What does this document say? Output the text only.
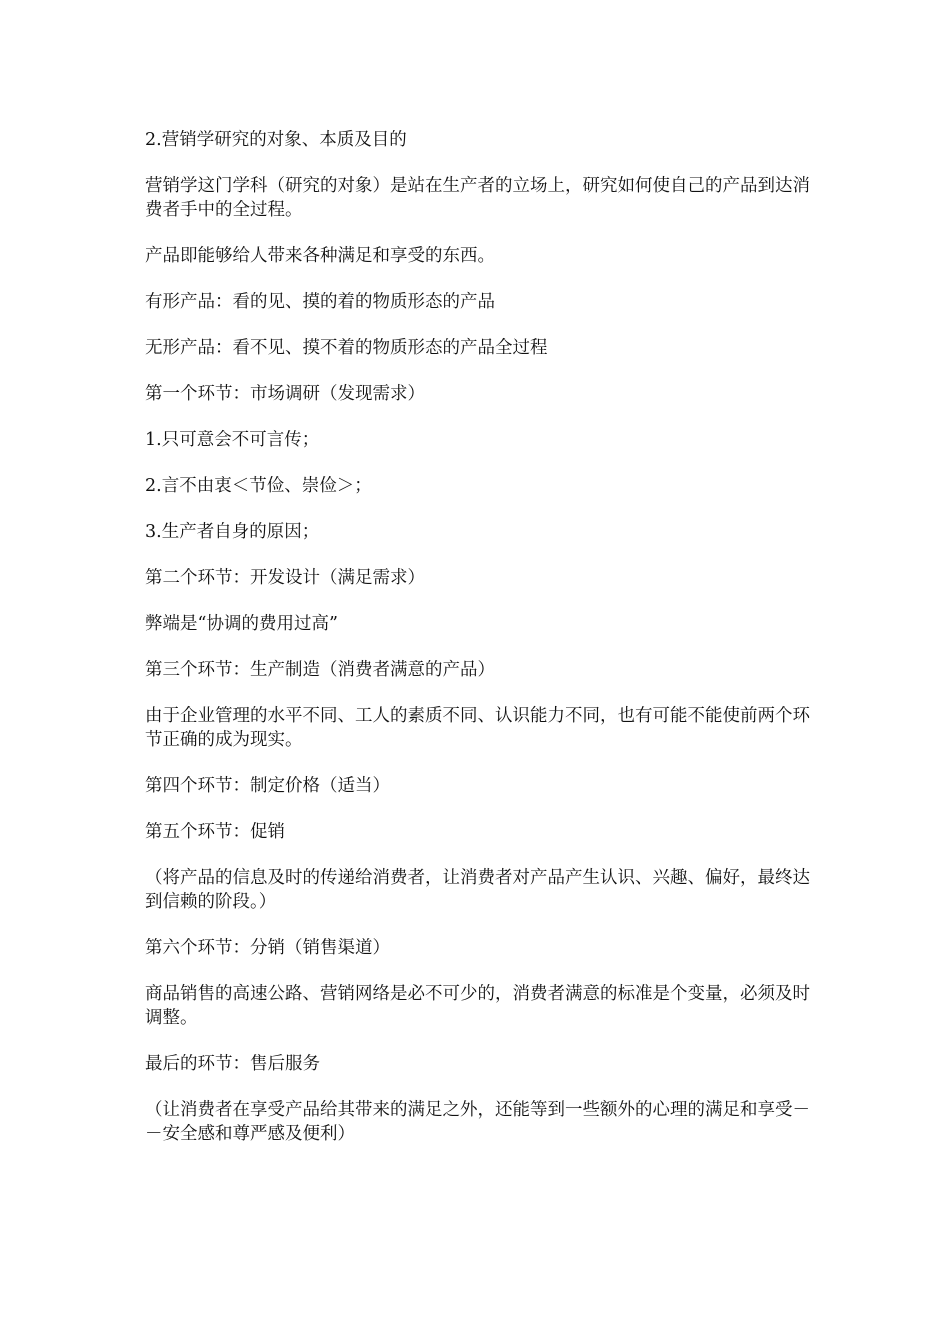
2.营销学研究的对象、本质及目的

营销学这门学科（研究的对象）是站在生产者的立场上，研究如何使自己的产品到达消费者手中的全过程。

产品即能够给人带来各种满足和享受的东西。

有形产品：看的见、摸的着的物质形态的产品

无形产品：看不见、摸不着的物质形态的产品全过程

第一个环节：市场调研（发现需求）

1.只可意会不可言传；

2.言不由衷＜节俭、崇俭＞；

3.生产者自身的原因；

第二个环节：开发设计（满足需求）

弊端是“协调的费用过高”

第三个环节：生产制造（消费者满意的产品）

由于企业管理的水平不同、工人的素质不同、认识能力不同，也有可能不能使前两个环节正确的成为现实。

第四个环节：制定价格（适当）

第五个环节：促销

（将产品的信息及时的传递给消费者，让消费者对产品产生认识、兴趣、偏好，最终达到信赖的阶段。）

第六个环节：分销（销售渠道）

商品销售的高速公路、营销网络是必不可少的，消费者满意的标准是个变量，必须及时调整。

最后的环节：售后服务

（让消费者在享受产品给其带来的满足之外，还能等到一些额外的心理的满足和享受－－安全感和尊严感及便利）
